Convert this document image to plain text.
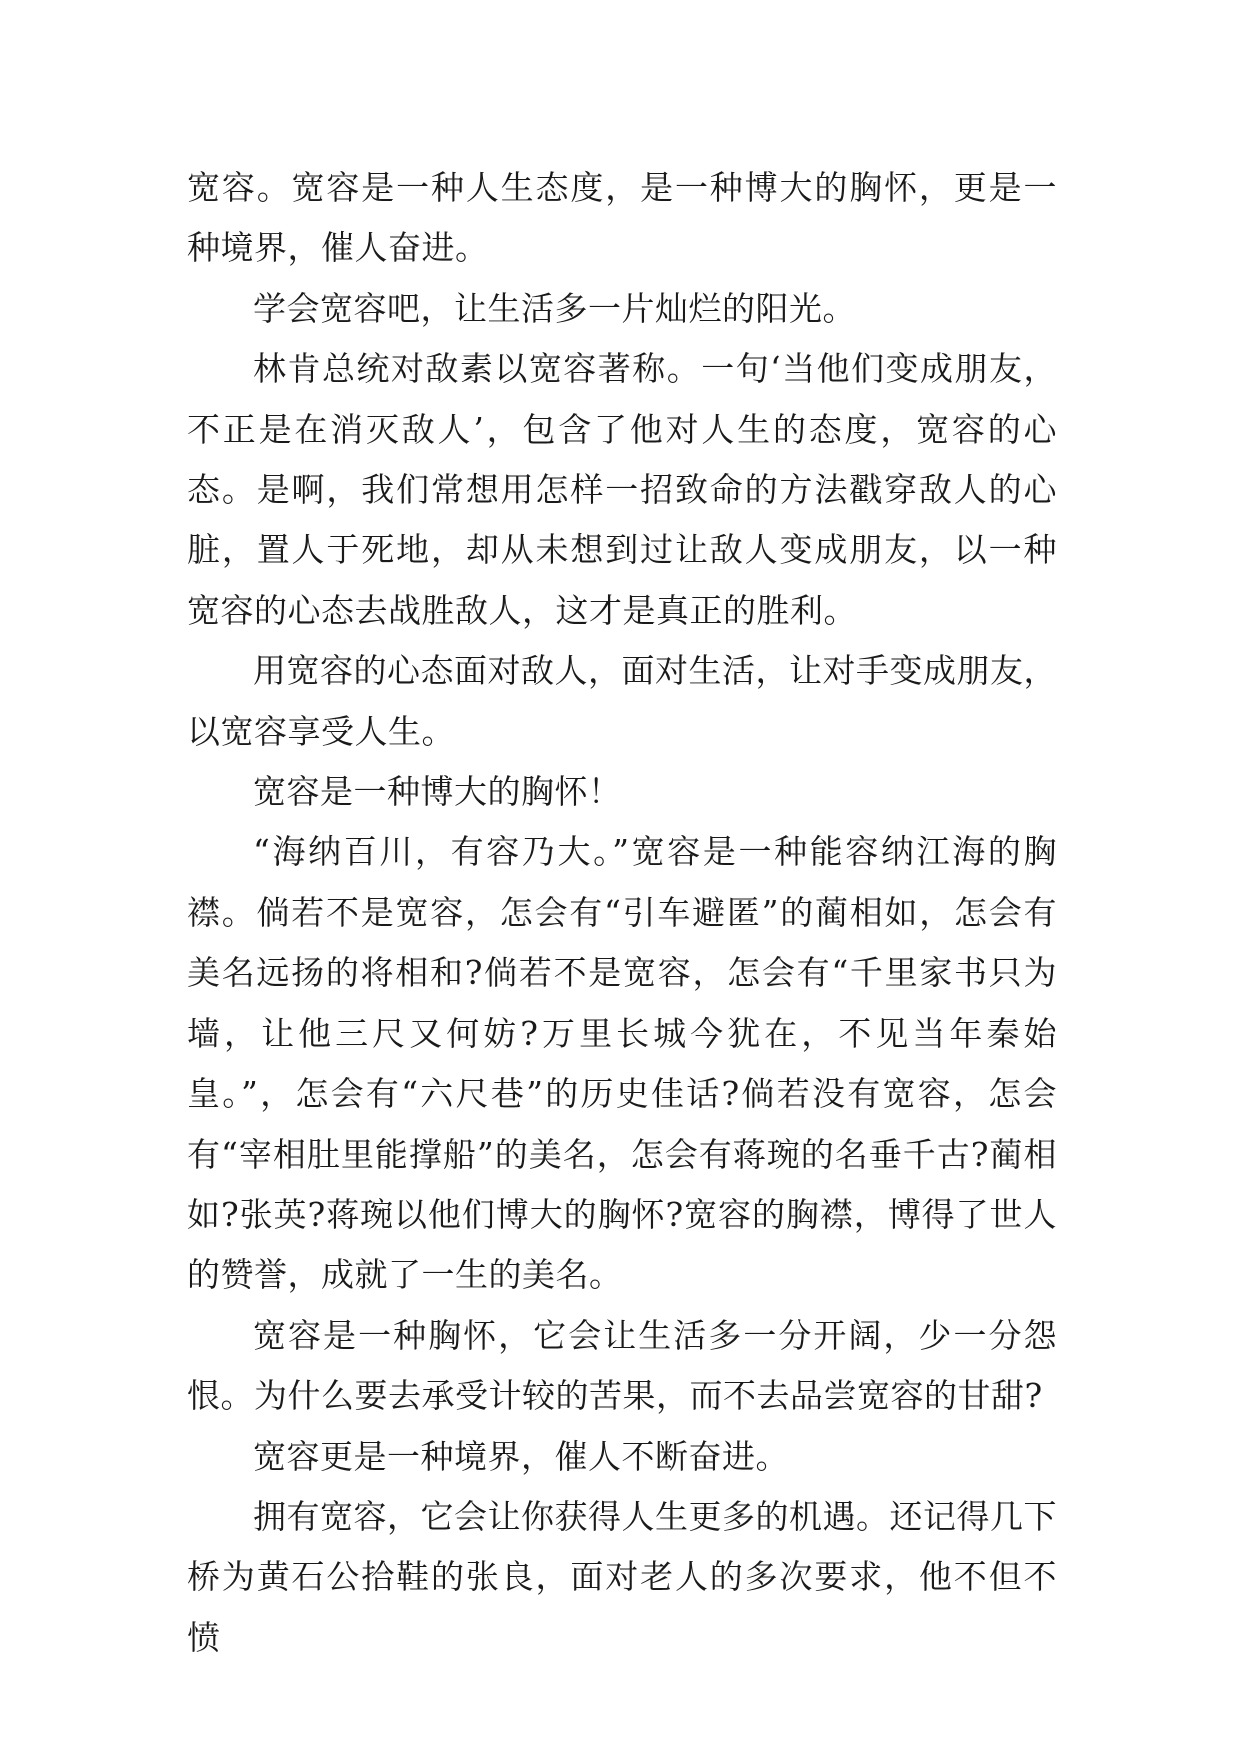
宽容。宽容是一种人生态度，是一种博大的胸怀，更是一种境界，催人奋进。

学会宽容吧，让生活多一片灿烂的阳光。

林肯总统对敌素以宽容著称。一句‘当他们变成朋友，不正是在消灭敌人’，包含了他对人生的态度，宽容的心态。是啊，我们常想用怎样一招致命的方法戳穿敌人的心脏，置人于死地，却从未想到过让敌人变成朋友，以一种宽容的心态去战胜敌人，这才是真正的胜利。

用宽容的心态面对敌人，面对生活，让对手变成朋友，以宽容享受人生。

宽容是一种博大的胸怀！

“海纳百川，有容乃大。”宽容是一种能容纳江海的胸襟。倘若不是宽容，怎会有“引车避匿”的蔺相如，怎会有美名远扬的将相和?倘若不是宽容，怎会有“千里家书只为墙，让他三尺又何妨?万里长城今犹在，不见当年秦始皇。”，怎会有“六尺巷”的历史佳话?倘若没有宽容，怎会有“宰相肚里能撑船”的美名，怎会有蒋琬的名垂千古?蔺相如?张英?蒋琬以他们博大的胸怀?宽容的胸襟，博得了世人的赞誉，成就了一生的美名。

宽容是一种胸怀，它会让生活多一分开阔，少一分怨恨。为什么要去承受计较的苦果，而不去品尝宽容的甘甜?

宽容更是一种境界，催人不断奋进。

拥有宽容，它会让你获得人生更多的机遇。还记得几下桥为黄石公拾鞋的张良，面对老人的多次要求，他不但不愤
